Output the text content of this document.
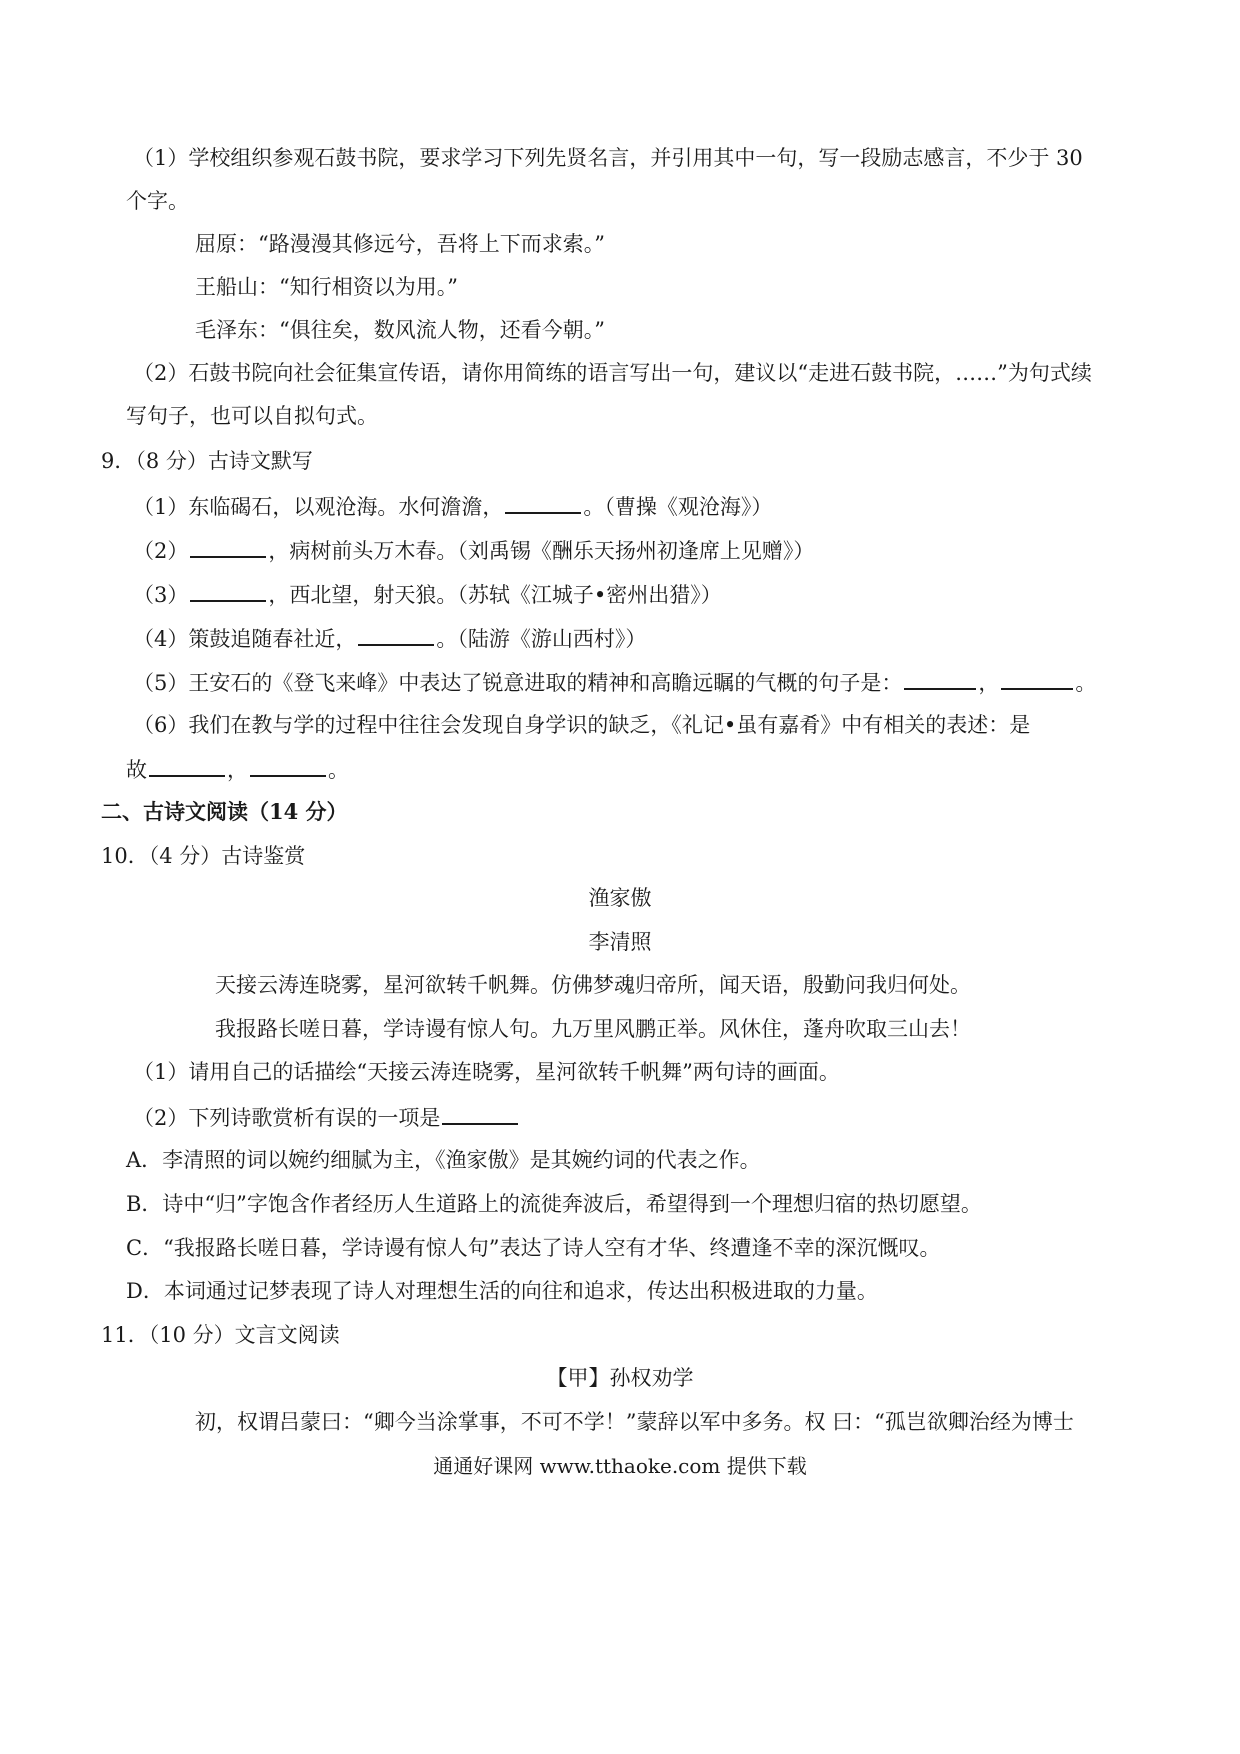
（1）学校组织参观石鼓书院，要求学习下列先贤名言，并引用其中一句，写一段励志感言，不少于 30
个字。
屈原：“路漫漫其修远兮，吾将上下而求索。”
王船山：“知行相资以为用。”
毛泽东：“俱往矣，数风流人物，还看今朝。”
（2）石鼓书院向社会征集宣传语，请你用简练的语言写出一句，建议以“走进石鼓书院，……”为句式续
写句子，也可以自拟句式。
9．（8 分）古诗文默写
（1）东临碣石，以观沧海。水何澹澹，	。（曹操《观沧海》）
（2）	，病树前头万木春。（刘禹锡《酬乐天扬州初逢席上见赠》）
（3）	，西北望，射天狼。（苏轼《江城子•密州出猎》）
（4）策鼓追随春社近，	。（陆游《游山西村》）
（5）王安石的《登飞来峰》中表达了锐意进取的精神和高瞻远瞩的气概的句子是：	，	。
（6）我们在教与学的过程中往往会发现自身学识的缺乏，《礼记•虽有嘉肴》中有相关的表述：是
故	，	。
二、古诗文阅读（14 分）
10．（4 分）古诗鉴赏
渔家傲
李清照
天接云涛连晓雾，星河欲转千帆舞。仿佛梦魂归帝所，闻天语，殷勤问我归何处。
我报路长嗟日暮，学诗谩有惊人句。九万里风鹏正举。风休住，蓬舟吹取三山去！
（1）请用自己的话描绘“天接云涛连晓雾，星河欲转千帆舞”两句诗的画面。
（2）下列诗歌赏析有误的一项是
A．李清照的词以婉约细腻为主，《渔家傲》是其婉约词的代表之作。
B．诗中“归”字饱含作者经历人生道路上的流徙奔波后，希望得到一个理想归宿的热切愿望。
C．“我报路长嗟日暮，学诗谩有惊人句”表达了诗人空有才华、终遭逢不幸的深沉慨叹。
D．本词通过记梦表现了诗人对理想生活的向往和追求，传达出积极进取的力量。
11．（10 分）文言文阅读
【甲】孙权劝学
初，权谓吕蒙曰：“卿今当涂掌事，不可不学！”蒙辞以军中多务。权 曰：“孤岂欲卿治经为博士
通通好课网 www.tthaoke.com 提供下载
